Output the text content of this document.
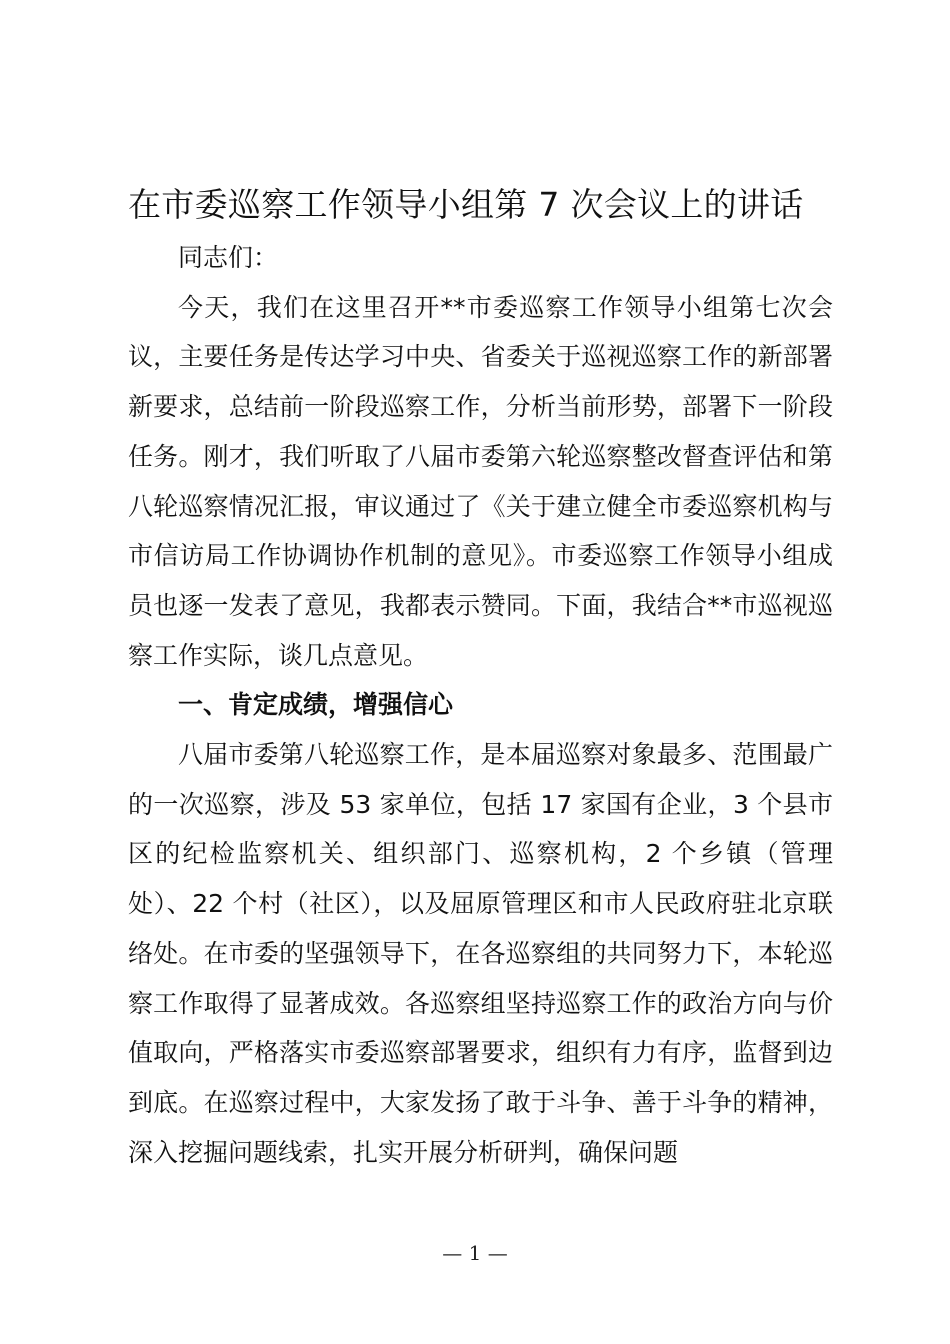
在市委巡察工作领导小组第 7 次会议上的讲话

同志们：

今天，我们在这里召开**市委巡察工作领导小组第七次会议，主要任务是传达学习中央、省委关于巡视巡察工作的新部署新要求，总结前一阶段巡察工作，分析当前形势，部署下一阶段任务。刚才，我们听取了八届市委第六轮巡察整改督查评估和第八轮巡察情况汇报，审议通过了《关于建立健全市委巡察机构与市信访局工作协调协作机制的意见》。市委巡察工作领导小组成员也逐一发表了意见，我都表示赞同。下面，我结合**市巡视巡察工作实际，谈几点意见。

一、肯定成绩，增强信心

八届市委第八轮巡察工作，是本届巡察对象最多、范围最广的一次巡察，涉及 53 家单位，包括 17 家国有企业，3 个县市区的纪检监察机关、组织部门、巡察机构，2 个乡镇（管理处）、22 个村（社区），以及屈原管理区和市人民政府驻北京联络处。在市委的坚强领导下，在各巡察组的共同努力下，本轮巡察工作取得了显著成效。各巡察组坚持巡察工作的政治方向与价值取向，严格落实市委巡察部署要求，组织有力有序，监督到边到底。在巡察过程中，大家发扬了敢于斗争、善于斗争的精神，深入挖掘问题线索，扎实开展分析研判，确保问题

— 1 —
